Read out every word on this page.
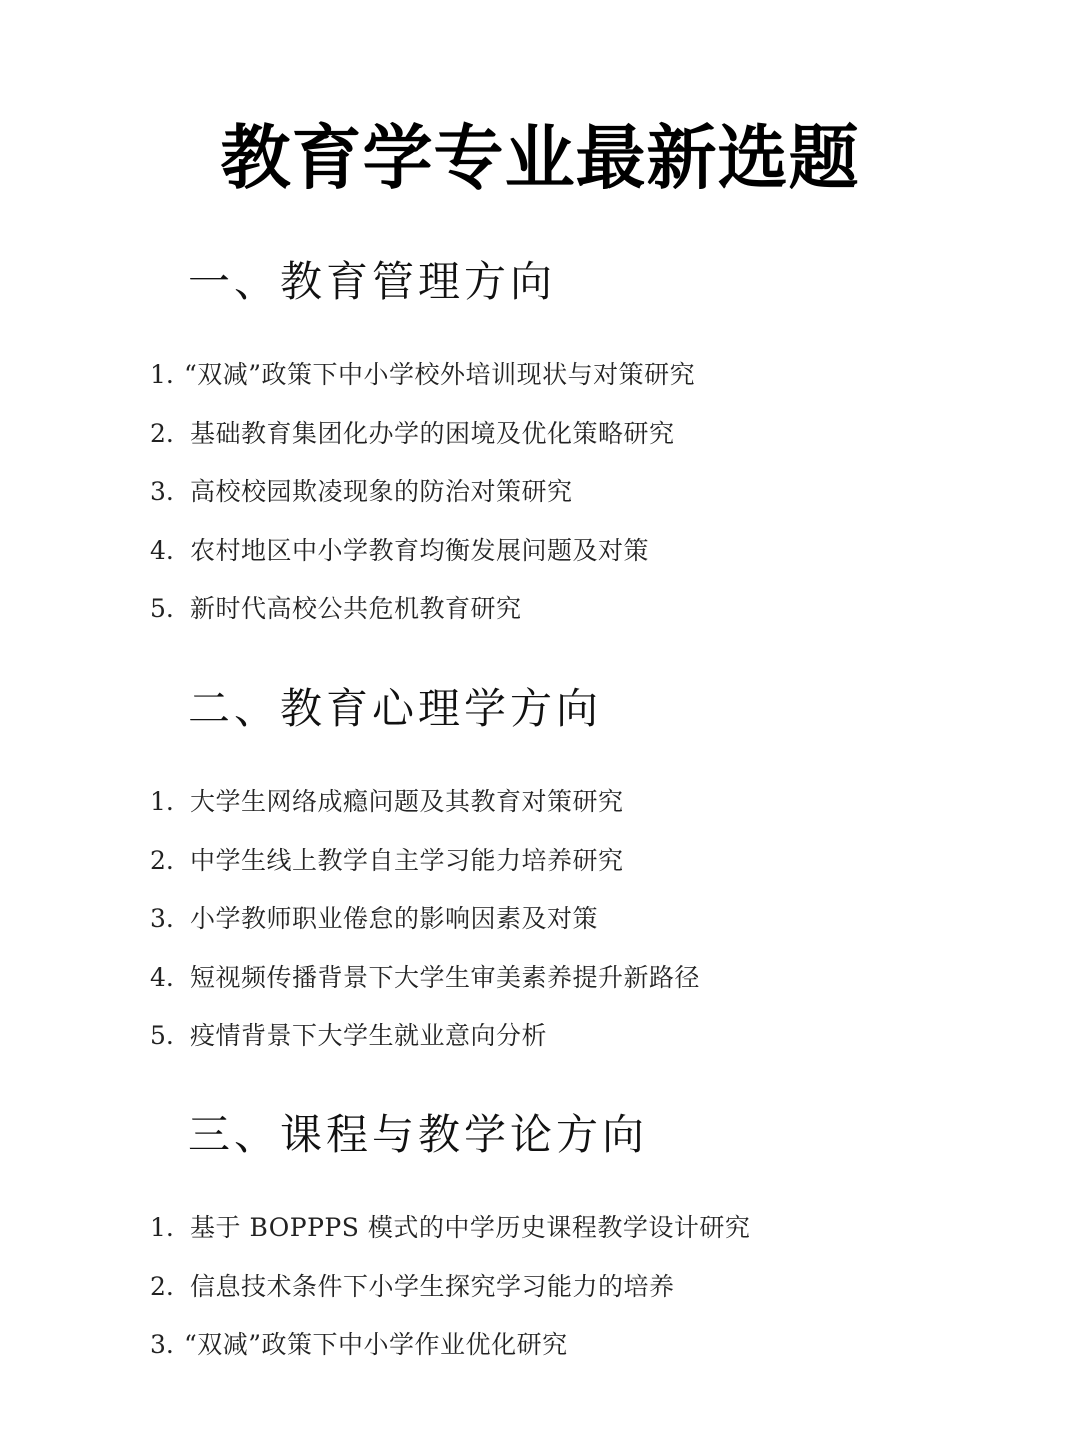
教育学专业最新选题
一、教育管理方向
1. “双减”政策下中小学校外培训现状与对策研究
2. 基础教育集团化办学的困境及优化策略研究
3. 高校校园欺凌现象的防治对策研究
4. 农村地区中小学教育均衡发展问题及对策
5. 新时代高校公共危机教育研究
二、教育心理学方向
1. 大学生网络成瘾问题及其教育对策研究
2. 中学生线上教学自主学习能力培养研究
3. 小学教师职业倦怠的影响因素及对策
4. 短视频传播背景下大学生审美素养提升新路径
5. 疫情背景下大学生就业意向分析
三、课程与教学论方向
1. 基于 BOPPPS 模式的中学历史课程教学设计研究
2. 信息技术条件下小学生探究学习能力的培养
3. “双减”政策下中小学作业优化研究
